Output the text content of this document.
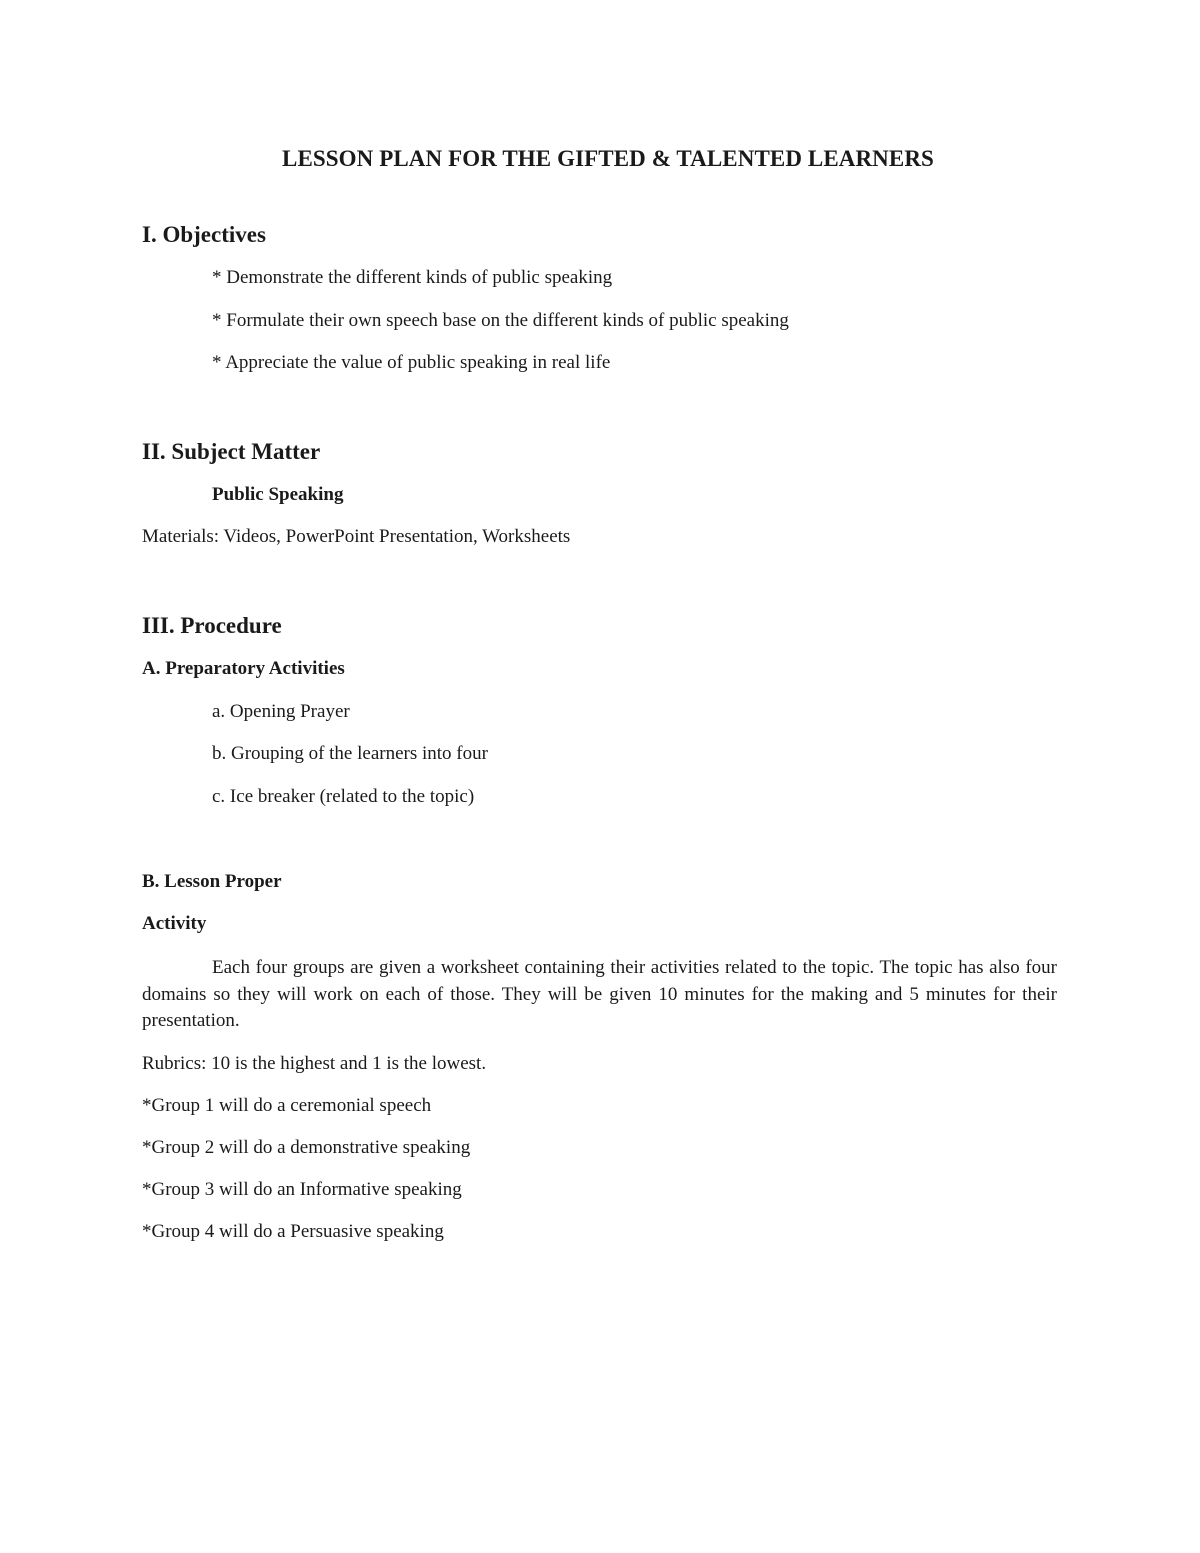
LESSON PLAN FOR THE GIFTED & TALENTED LEARNERS
I. Objectives
* Demonstrate the different kinds of public speaking
* Formulate their own speech base on the different kinds of public speaking
* Appreciate the value of public speaking in real life
II. Subject Matter
Public Speaking
Materials: Videos, PowerPoint Presentation, Worksheets
III. Procedure
A. Preparatory Activities
a. Opening Prayer
b. Grouping of the learners into four
c. Ice breaker (related to the topic)
B. Lesson Proper
Activity
Each four groups are given a worksheet containing their activities related to the topic. The topic has also four domains so they will work on each of those. They will be given 10 minutes for the making and 5 minutes for their presentation.
Rubrics: 10 is the highest and 1 is the lowest.
*Group 1 will do a ceremonial speech
*Group 2 will do a demonstrative speaking
*Group 3 will do an Informative speaking
*Group 4 will do a Persuasive speaking
